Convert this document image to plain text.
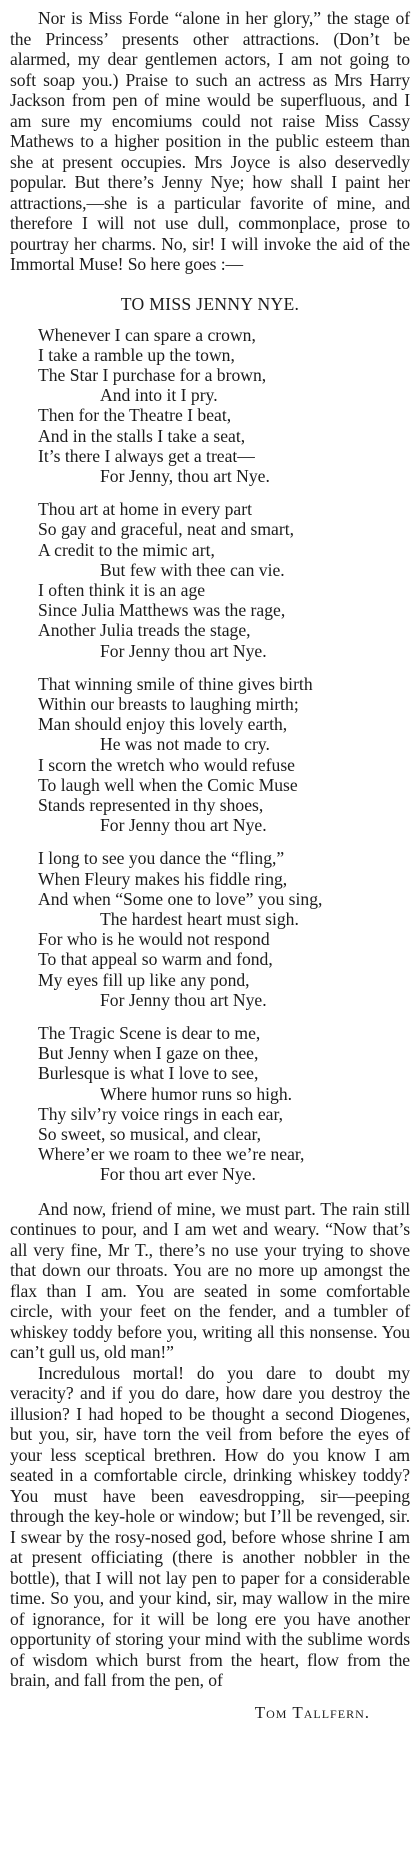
Nor is Miss Forde “alone in her glory,” the stage of the Princess’ presents other attractions. (Don’t be alarmed, my dear gentlemen actors, I am not going to soft soap you.) Praise to such an actress as Mrs Harry Jackson from pen of mine would be superfluous, and I am sure my encomiums could not raise Miss Cassy Mathews to a higher position in the public esteem than she at present occupies. Mrs Joyce is also deservedly popular. But there’s Jenny Nye; how shall I paint her attractions,—she is a particular favorite of mine, and therefore I will not use dull, commonplace, prose to pourtray her charms. No, sir! I will invoke the aid of the Immortal Muse! So here goes :—

TO MISS JENNY NYE.
Whenever I can spare a crown,
I take a ramble up the town,
The Star I purchase for a brown,
And into it I pry.
Then for the Theatre I beat,
And in the stalls I take a seat,
It’s there I always get a treat—
For Jenny, thou art Nye.
Thou art at home in every part
So gay and graceful, neat and smart,
A credit to the mimic art,
But few with thee can vie.
I often think it is an age
Since Julia Matthews was the rage,
Another Julia treads the stage,
For Jenny thou art Nye.
That winning smile of thine gives birth
Within our breasts to laughing mirth;
Man should enjoy this lovely earth,
He was not made to cry.
I scorn the wretch who would refuse
To laugh well when the Comic Muse
Stands represented in thy shoes,
For Jenny thou art Nye.
I long to see you dance the “fling,”
When Fleury makes his fiddle ring,
And when “Some one to love” you sing,
The hardest heart must sigh.
For who is he would not respond
To that appeal so warm and fond,
My eyes fill up like any pond,
For Jenny thou art Nye.
The Tragic Scene is dear to me,
But Jenny when I gaze on thee,
Burlesque is what I love to see,
Where humor runs so high.
Thy silv’ry voice rings in each ear,
So sweet, so musical, and clear,
Where’er we roam to thee we’re near,
For thou art ever Nye.

And now, friend of mine, we must part. The rain still continues to pour, and I am wet and weary. “Now that’s all very fine, Mr T., there’s no use your trying to shove that down our throats. You are no more up amongst the flax than I am. You are seated in some comfortable circle, with your feet on the fender, and a tumbler of whiskey toddy before you, writing all this nonsense. You can’t gull us, old man!”

Incredulous mortal! do you dare to doubt my veracity? and if you do dare, how dare you destroy the illusion? I had hoped to be thought a second Diogenes, but you, sir, have torn the veil from before the eyes of your less sceptical brethren. How do you know I am seated in a comfortable circle, drinking whiskey toddy? You must have been eavesdropping, sir—peeping through the key-hole or window; but I’ll be revenged, sir. I swear by the rosy-nosed god, before whose shrine I am at present officiating (there is another nobbler in the bottle), that I will not lay pen to paper for a considerable time. So you, and your kind, sir, may wallow in the mire of ignorance, for it will be long ere you have another opportunity of storing your mind with the sublime words of wisdom which burst from the heart, flow from the brain, and fall from the pen, of

Tom Tallfern.
